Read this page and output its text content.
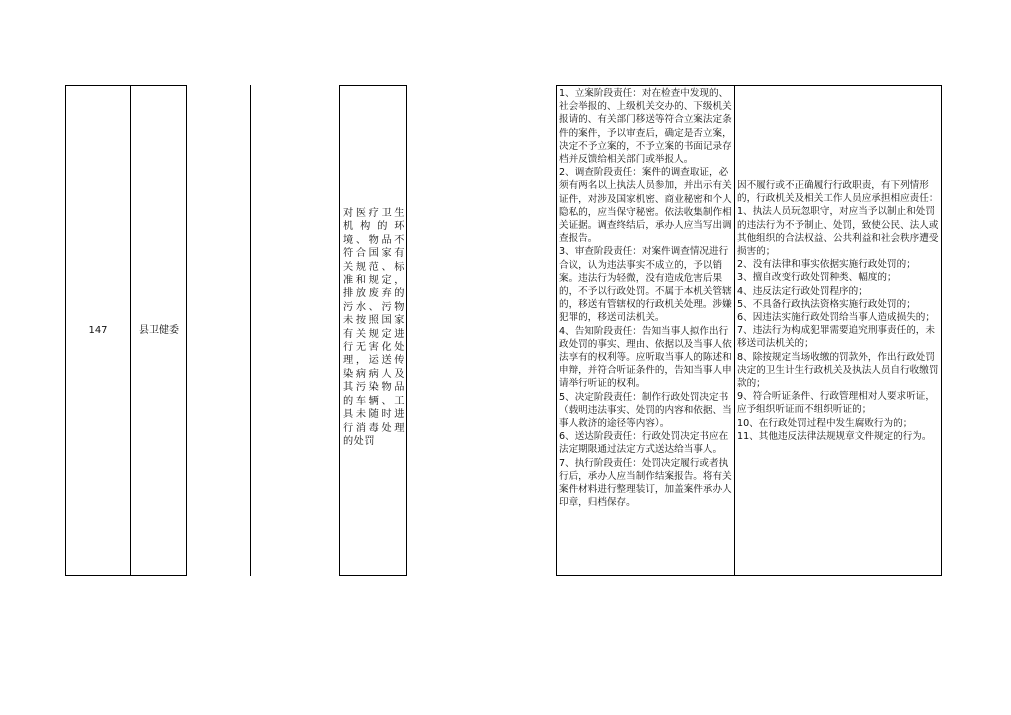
147	县卫健委
对医疗卫生机构的环境、物品不符合国家有关规范、标准和规定，排放废弃的污水、污物未按照国家有关规定进行无害化处理，运送传染病病人及其污染物品的车辆、工具未随时进行消毒处理的处罚
1、立案阶段责任：对在检查中发现的、社会举报的、上级机关交办的、下级机关报请的、有关部门移送等符合立案法定条件的案件，予以审查后，确定是否立案，决定不予立案的，不予立案的书面记录存档并反馈给相关部门或举报人。
2、调查阶段责任：案件的调查取证，必须有两名以上执法人员参加，并出示有关证件，对涉及国家机密、商业秘密和个人隐私的，应当保守秘密。依法收集制作相关证据。调查终结后，承办人应当写出调查报告。
3、审查阶段责任：对案件调查情况进行合议，认为违法事实不成立的，予以销案。违法行为轻微，没有造成危害后果的，不予以行政处罚。不属于本机关管辖的，移送有管辖权的行政机关处理。涉嫌犯罪的，移送司法机关。
4、告知阶段责任：告知当事人拟作出行政处罚的事实、理由、依据以及当事人依法享有的权利等。应听取当事人的陈述和申辩，并符合听证条件的，告知当事人申请举行听证的权利。
5、决定阶段责任：制作行政处罚决定书（载明违法事实、处罚的内容和依据、当事人救济的途径等内容）。
6、送达阶段责任：行政处罚决定书应在法定期限通过法定方式送达给当事人。
7、执行阶段责任：处罚决定履行或者执行后，承办人应当制作结案报告。将有关案件材料进行整理装订，加盖案件承办人印章，归档保存。
因不履行或不正确履行行政职责，有下列情形的，行政机关及相关工作人员应承担相应责任：
1、执法人员玩忽职守，对应当予以制止和处罚的违法行为不予制止、处罚，致使公民、法人或其他组织的合法权益、公共利益和社会秩序遭受损害的；
2、没有法律和事实依据实施行政处罚的；
3、擅自改变行政处罚种类、幅度的；
4、违反法定行政处罚程序的；
5、不具备行政执法资格实施行政处罚的；
6、因违法实施行政处罚给当事人造成损失的；
7、违法行为构成犯罪需要追究刑事责任的，未移送司法机关的；
8、除按规定当场收缴的罚款外，作出行政处罚决定的卫生计生行政机关及执法人员自行收缴罚款的；
9、符合听证条件、行政管理相对人要求听证，应予组织听证而不组织听证的；
10、在行政处罚过程中发生腐败行为的；
11、其他违反法律法规规章文件规定的行为。
